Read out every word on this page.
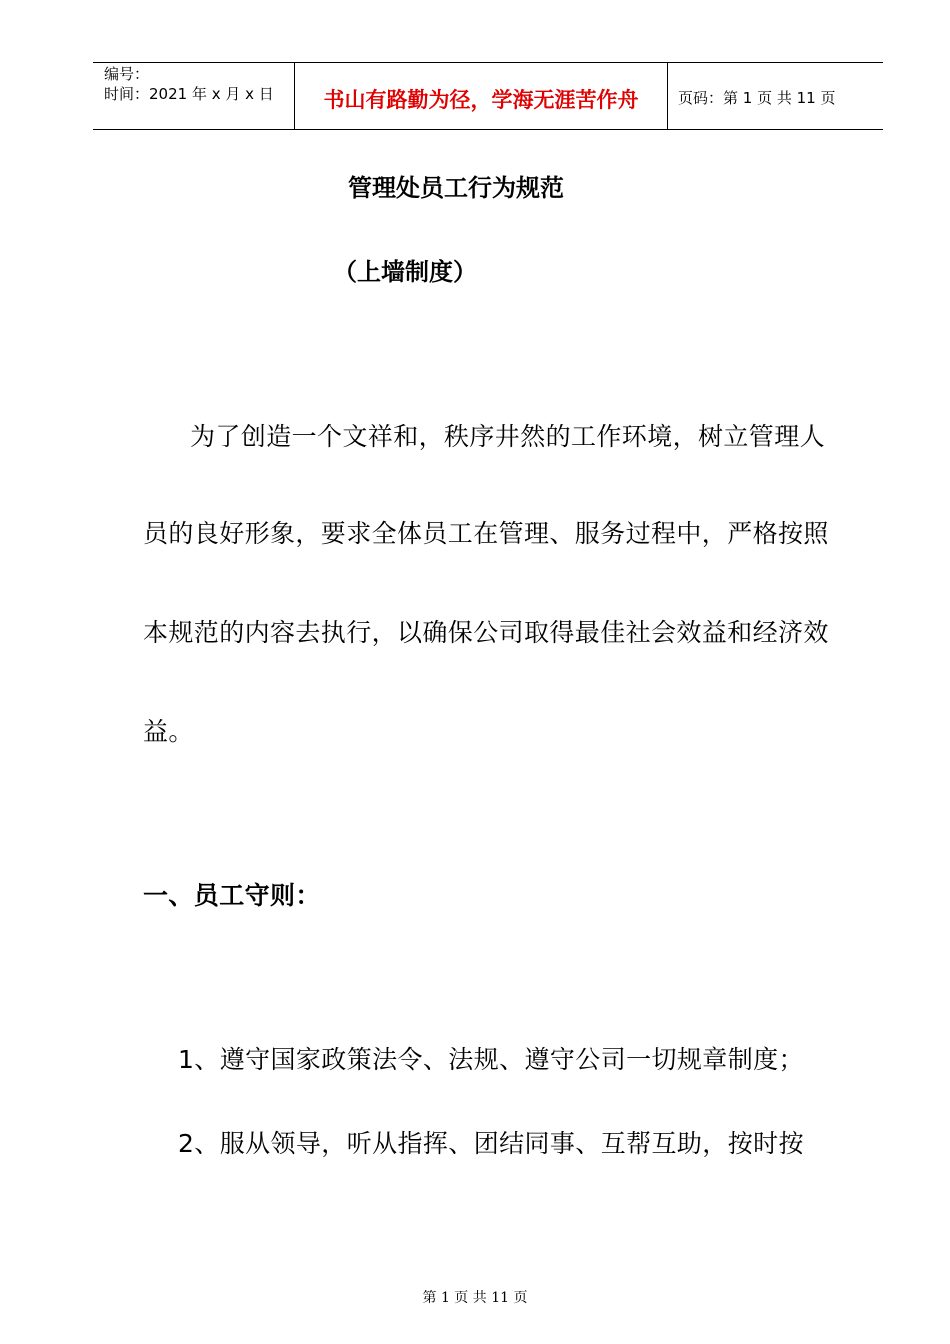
编号：
时间：2021 年 x 月 x 日	书山有路勤为径，学海无涯苦作舟	页码：第 1 页 共 11 页
管理处员工行为规范
（上墙制度）
为了创造一个文祥和，秩序井然的工作环境，树立管理人
员的良好形象，要求全体员工在管理、服务过程中，严格按照
本规范的内容去执行，以确保公司取得最佳社会效益和经济效
益。
一、员工守则：
1、遵守国家政策法令、法规、遵守公司一切规章制度；
2、服从领导，听从指挥、团结同事、互帮互助，按时按
第 1 页 共 11 页
